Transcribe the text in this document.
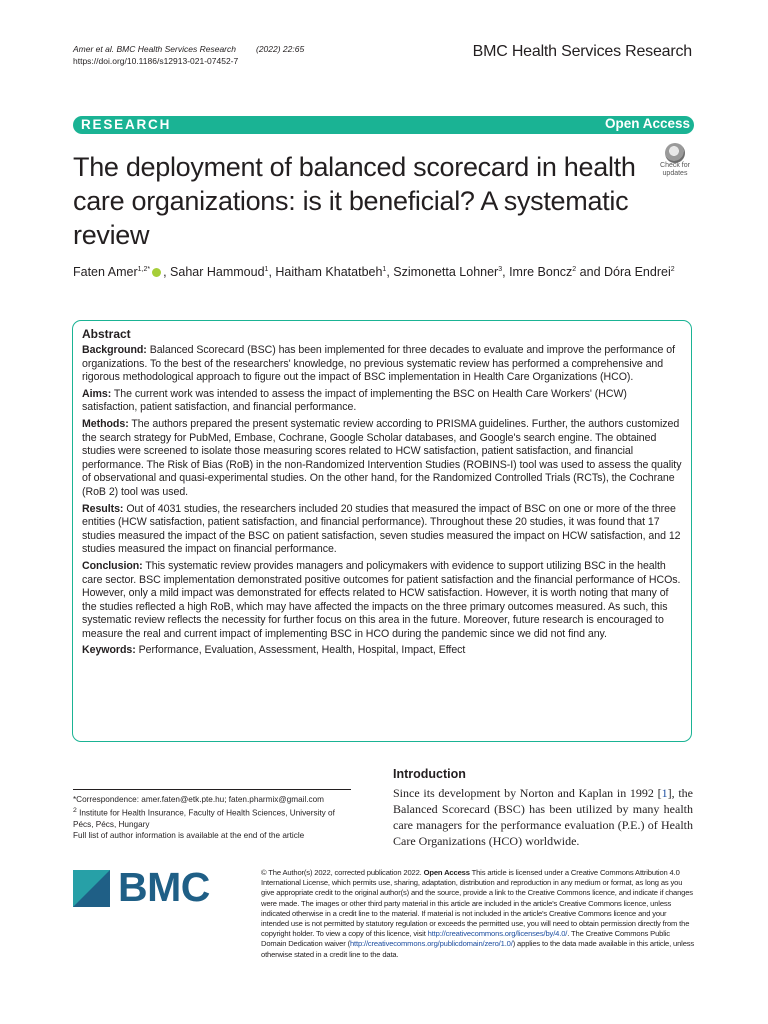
Amer et al. BMC Health Services Research (2022) 22:65
https://doi.org/10.1186/s12913-021-07452-7
BMC Health Services Research
RESEARCH	Open Access
The deployment of balanced scorecard in health care organizations: is it beneficial? A systematic review
Check for updates
Faten Amer$^{1,2*}$ , Sahar Hammoud$^1$, Haitham Khatatbeh$^1$, Szimonetta Lohner$^3$, Imre Boncz$^2$ and Dóra Endrei$^2$
Abstract

Background: Balanced Scorecard (BSC) has been implemented for three decades to evaluate and improve the performance of organizations. To the best of the researchers' knowledge, no previous systematic review has performed a comprehensive and rigorous methodological approach to figure out the impact of BSC implementation in Health Care Organizations (HCO).

Aims: The current work was intended to assess the impact of implementing the BSC on Health Care Workers' (HCW) satisfaction, patient satisfaction, and financial performance.

Methods: The authors prepared the present systematic review according to PRISMA guidelines. Further, the authors customized the search strategy for PubMed, Embase, Cochrane, Google Scholar databases, and Google's search engine. The obtained studies were screened to isolate those measuring scores related to HCW satisfaction, patient satisfaction, and financial performance. The Risk of Bias (RoB) in the non-Randomized Intervention Studies (ROBINS-I) tool was used to assess the quality of observational and quasi-experimental studies. On the other hand, for the Randomized Controlled Trials (RCTs), the Cochrane (RoB 2) tool was used.

Results: Out of 4031 studies, the researchers included 20 studies that measured the impact of BSC on one or more of the three entities (HCW satisfaction, patient satisfaction, and financial performance). Throughout these 20 studies, it was found that 17 studies measured the impact of the BSC on patient satisfaction, seven studies measured the impact on HCW satisfaction, and 12 studies measured the impact on financial performance.

Conclusion: This systematic review provides managers and policymakers with evidence to support utilizing BSC in the health care sector. BSC implementation demonstrated positive outcomes for patient satisfaction and the financial performance of HCOs. However, only a mild impact was demonstrated for effects related to HCW satisfaction. However, it is worth noting that many of the studies reflected a high RoB, which may have affected the impacts on the three primary outcomes measured. As such, this systematic review reflects the necessity for further focus on this area in the future. Moreover, future research is encouraged to measure the real and current impact of implementing BSC in HCO during the pandemic since we did not find any.

Keywords: Performance, Evaluation, Assessment, Health, Hospital, Impact, Effect

*Correspondence: amer.faten@etk.pte.hu; faten.pharmix@gmail.com
$^2$ Institute for Health Insurance, Faculty of Health Sciences, University of Pécs, Pécs, Hungary
Full list of author information is available at the end of the article
Introduction
Since its development by Norton and Kaplan in 1992 [1], the Balanced Scorecard (BSC) has been utilized by many health care managers for the performance evaluation (P.E.) of Health Care Organizations (HCO) worldwide.
BMC	© The Author(s) 2022, corrected publication 2022. Open Access This article is licensed under a Creative Commons Attribution 4.0 International License, which permits use, sharing, adaptation, distribution and reproduction in any medium or format, as long as you give appropriate credit to the original author(s) and the source, provide a link to the Creative Commons licence, and indicate if changes were made. The images or other third party material in this article are included in the article's Creative Commons licence, unless indicated otherwise in a credit line to the material. If material is not included in the article's Creative Commons licence and your intended use is not permitted by statutory regulation or exceeds the permitted use, you will need to obtain permission directly from the copyright holder. To view a copy of this licence, visit http://creativecommons.org/licenses/by/4.0/. The Creative Commons Public Domain Dedication waiver (http://creativecommons.org/publicdomain/zero/1.0/) applies to the data made available in this article, unless otherwise stated in a credit line to the data.
